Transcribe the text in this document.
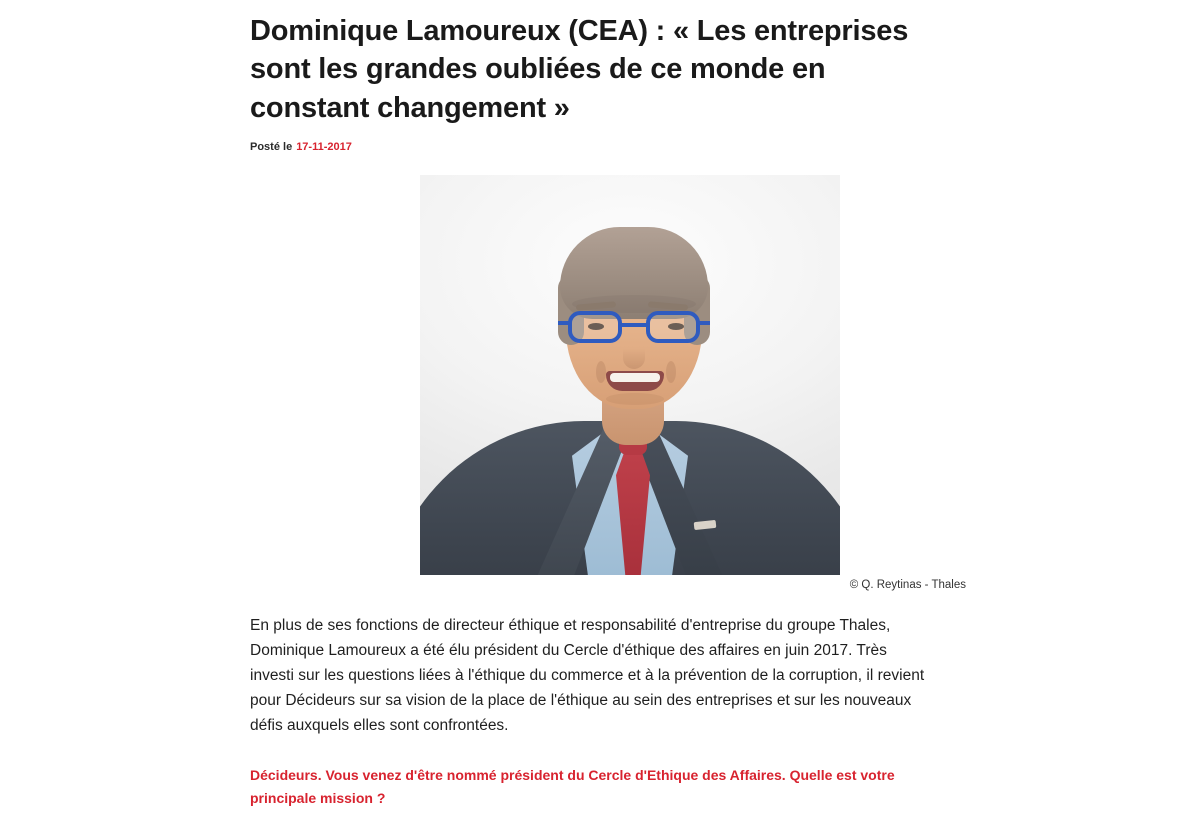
Dominique Lamoureux (CEA) : « Les entreprises sont les grandes oubliées de ce monde en constant changement »
Posté le 17-11-2017
© Q. Reytinas - Thales

En plus de ses fonctions de directeur éthique et responsabilité d'entreprise du groupe Thales, Dominique Lamoureux a été élu président du Cercle d'éthique des affaires en juin 2017. Très investi sur les questions liées à l'éthique du commerce et à la prévention de la corruption, il revient pour Décideurs sur sa vision de la place de l'éthique au sein des entreprises et sur les nouveaux défis auxquels elles sont confrontées.

Décideurs. Vous venez d'être nommé président du Cercle d'Ethique des Affaires. Quelle est votre principale mission ?
